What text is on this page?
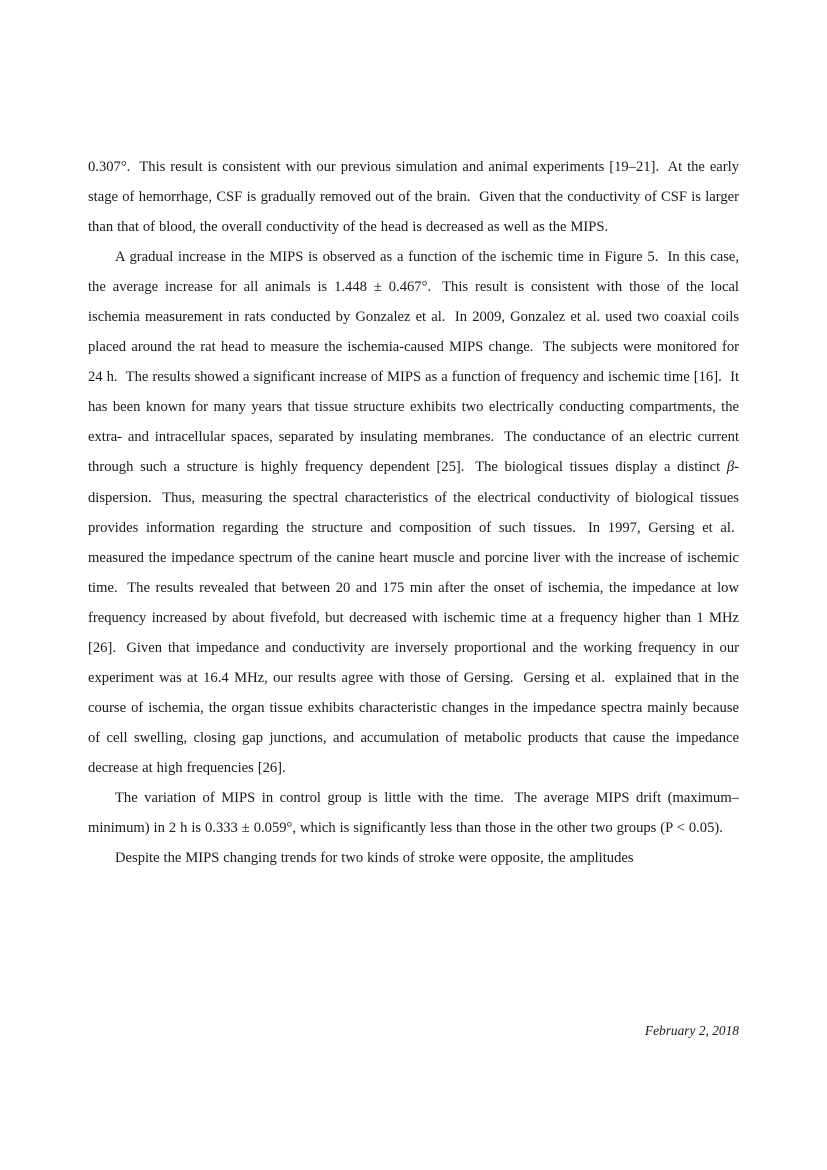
0.307°. This result is consistent with our previous simulation and animal experiments [19–21]. At the early stage of hemorrhage, CSF is gradually removed out of the brain. Given that the conductivity of CSF is larger than that of blood, the overall conductivity of the head is decreased as well as the MIPS.

A gradual increase in the MIPS is observed as a function of the ischemic time in Figure 5. In this case, the average increase for all animals is 1.448 ± 0.467°. This result is consistent with those of the local ischemia measurement in rats conducted by Gonzalez et al. In 2009, Gonzalez et al. used two coaxial coils placed around the rat head to measure the ischemia-caused MIPS change. The subjects were monitored for 24 h. The results showed a significant increase of MIPS as a function of frequency and ischemic time [16]. It has been known for many years that tissue structure exhibits two electrically conducting compartments, the extra- and intracellular spaces, separated by insulating membranes. The conductance of an electric current through such a structure is highly frequency dependent [25]. The biological tissues display a distinct β-dispersion. Thus, measuring the spectral characteristics of the electrical conductivity of biological tissues provides information regarding the structure and composition of such tissues. In 1997, Gersing et al. measured the impedance spectrum of the canine heart muscle and porcine liver with the increase of ischemic time. The results revealed that between 20 and 175 min after the onset of ischemia, the impedance at low frequency increased by about fivefold, but decreased with ischemic time at a frequency higher than 1 MHz [26]. Given that impedance and conductivity are inversely proportional and the working frequency in our experiment was at 16.4 MHz, our results agree with those of Gersing. Gersing et al. explained that in the course of ischemia, the organ tissue exhibits characteristic changes in the impedance spectra mainly because of cell swelling, closing gap junctions, and accumulation of metabolic products that cause the impedance decrease at high frequencies [26].

The variation of MIPS in control group is little with the time. The average MIPS drift (maximum–minimum) in 2 h is 0.333 ± 0.059°, which is significantly less than those in the other two groups (P < 0.05).

Despite the MIPS changing trends for two kinds of stroke were opposite, the amplitudes

February 2, 2018
